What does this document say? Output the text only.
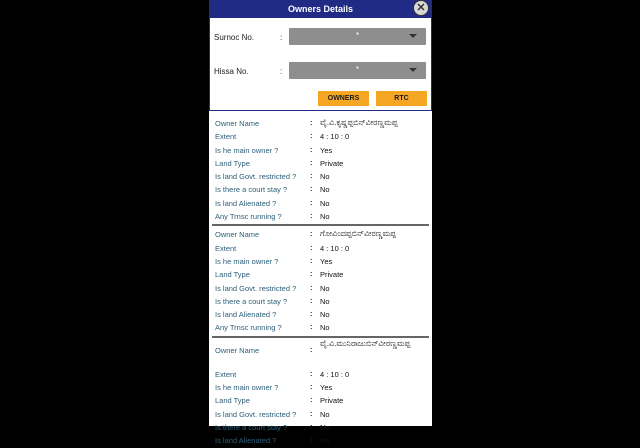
Owners Details	✕
Surnoc No.	:	*
Hissa No.	:	*
OWNERS	RTC
Owner Name	: ವೈ.ವಿ.ಕೃಷ್ಣಪ್ಪಬಿನ್‌ವೀರಣ್ಣಮಪ್ಪ
Extent	: 4 : 10 : 0
Is he main owner ?	: Yes
Land Type	: Private
Is land Govt. restricted ? : No
Is there a court stay ?	: No
Is land Alienated ?	: No
Any Trnsc running ?	: No
Owner Name	: ಗೋವಿಂದಪ್ಪಬಿನ್‌ವೀರಣ್ಣಮಪ್ಪ
Extent	: 4 : 10 : 0
Is he main owner ?	: Yes
Land Type	: Private
Is land Govt. restricted ? : No
Is there a court stay ?	: No
Is land Alienated ?	: No
Any Trnsc running ?	: No
Owner Name	:
ವೈ.ವಿ.ಮುನಿರಾಜುಬಿನ್‌ವೀರಣ್ಣಮಪ್ಪ
Extent	: 4 : 10 : 0
Is he main owner ?	: Yes
Land Type	: Private
Is land Govt. restricted ? : No
Is there a court stay ?	: No
Is land Alienated ?	: No
